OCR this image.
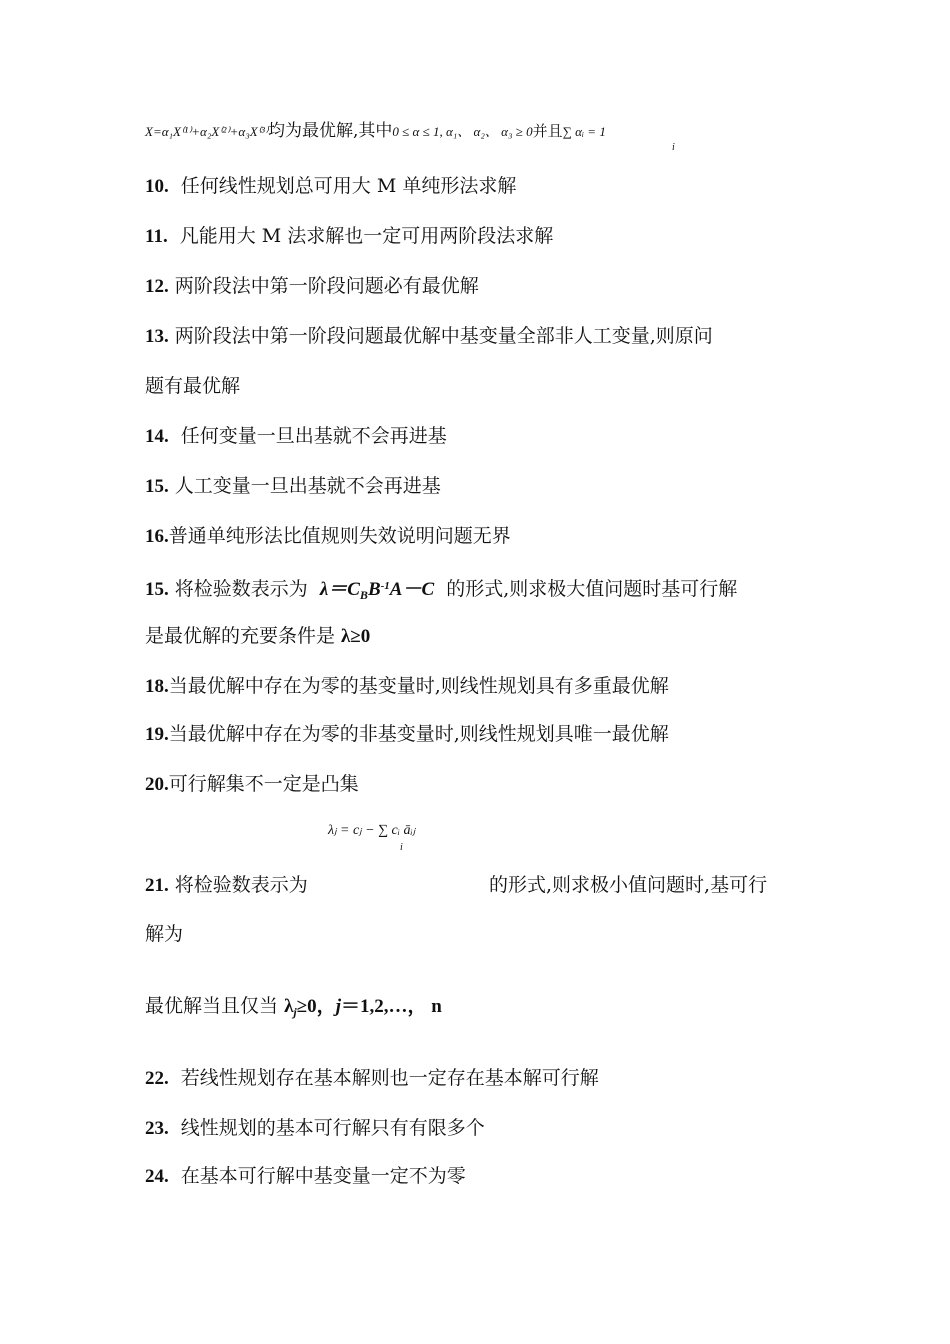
X=α₁X⁽¹⁾+α₂X⁽²⁾+α₃X⁽³⁾均为最优解,其中0 ≤ α ≤ 1, α₁、 α₂、 α₃ ≥ 0并且∑ αᵢ = 1
i
10. 任何线性规划总可用大 M 单纯形法求解
11. 凡能用大 M 法求解也一定可用两阶段法求解
12. 两阶段法中第一阶段问题必有最优解
13. 两阶段法中第一阶段问题最优解中基变量全部非人工变量,则原问
题有最优解
14. 任何变量一旦出基就不会再进基
15. 人工变量一旦出基就不会再进基
16.普通单纯形法比值规则失效说明问题无界
15. 将检验数表示为 $\lambda=C_BB^{-1}A-C$ 的形式,则求极大值问题时基可行解
是最优解的充要条件是 λ≥0
18.当最优解中存在为零的基变量时,则线性规划具有多重最优解
19.当最优解中存在为零的非基变量时,则线性规划具唯一最优解
20.可行解集不一定是凸集
λⱼ = cⱼ − ∑ cᵢ āᵢⱼ
i
21. 将检验数表示为	的形式,则求极小值问题时,基可行
解为
最优解当且仅当 $\lambda_j\ge 0$，j＝1,2,…， n
22. 若线性规划存在基本解则也一定存在基本解可行解
23. 线性规划的基本可行解只有有限多个
24. 在基本可行解中基变量一定不为零
